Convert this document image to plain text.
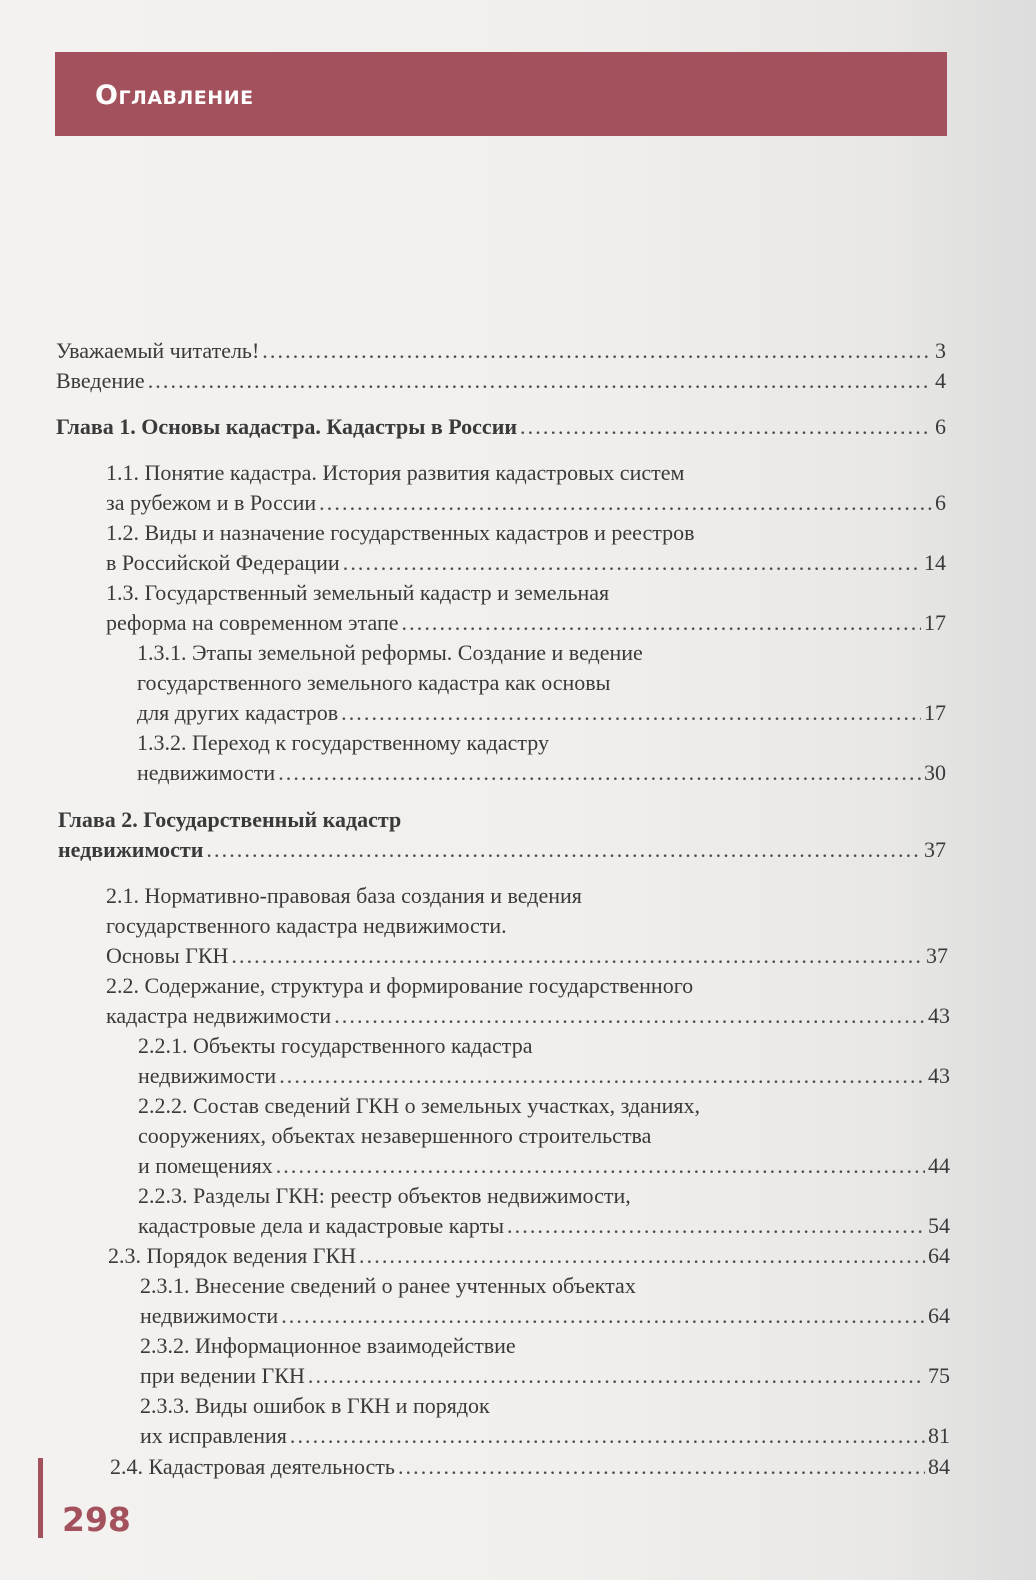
Оглавление
Уважаемый читатель! .....	3
Введение .....	4
Глава 1. Основы кадастра. Кадастры в России .....	6
1.1. Понятие кадастра. История развития кадастровых систем
за рубежом и в России .....	6
1.2. Виды и назначение государственных кадастров и реестров
в Российской Федерации .....	14
1.3. Государственный земельный кадастр и земельная
реформа на современном этапе .....	17
1.3.1. Этапы земельной реформы. Создание и ведение
государственного земельного кадастра как основы
для других кадастров .....	17
1.3.2. Переход к государственному кадастру
недвижимости .....	30
Глава 2. Государственный кадастр
недвижимости .....	37
2.1. Нормативно-правовая база создания и ведения
государственного кадастра недвижимости.
Основы ГКН .....	37
2.2. Содержание, структура и формирование государственного
кадастра недвижимости .....	43
2.2.1. Объекты государственного кадастра
недвижимости .....	43
2.2.2. Состав сведений ГКН о земельных участках, зданиях,
сооружениях, объектах незавершенного строительства
и помещениях .....	44
2.2.3. Разделы ГКН: реестр объектов недвижимости,
кадастровые дела и кадастровые карты .....	54
2.3. Порядок ведения ГКН .....	64
2.3.1. Внесение сведений о ранее учтенных объектах
недвижимости .....	64
2.3.2. Информационное взаимодействие
при ведении ГКН .....	75
2.3.3. Виды ошибок в ГКН и порядок
их исправления .....	81
2.4. Кадастровая деятельность .....	84
298
